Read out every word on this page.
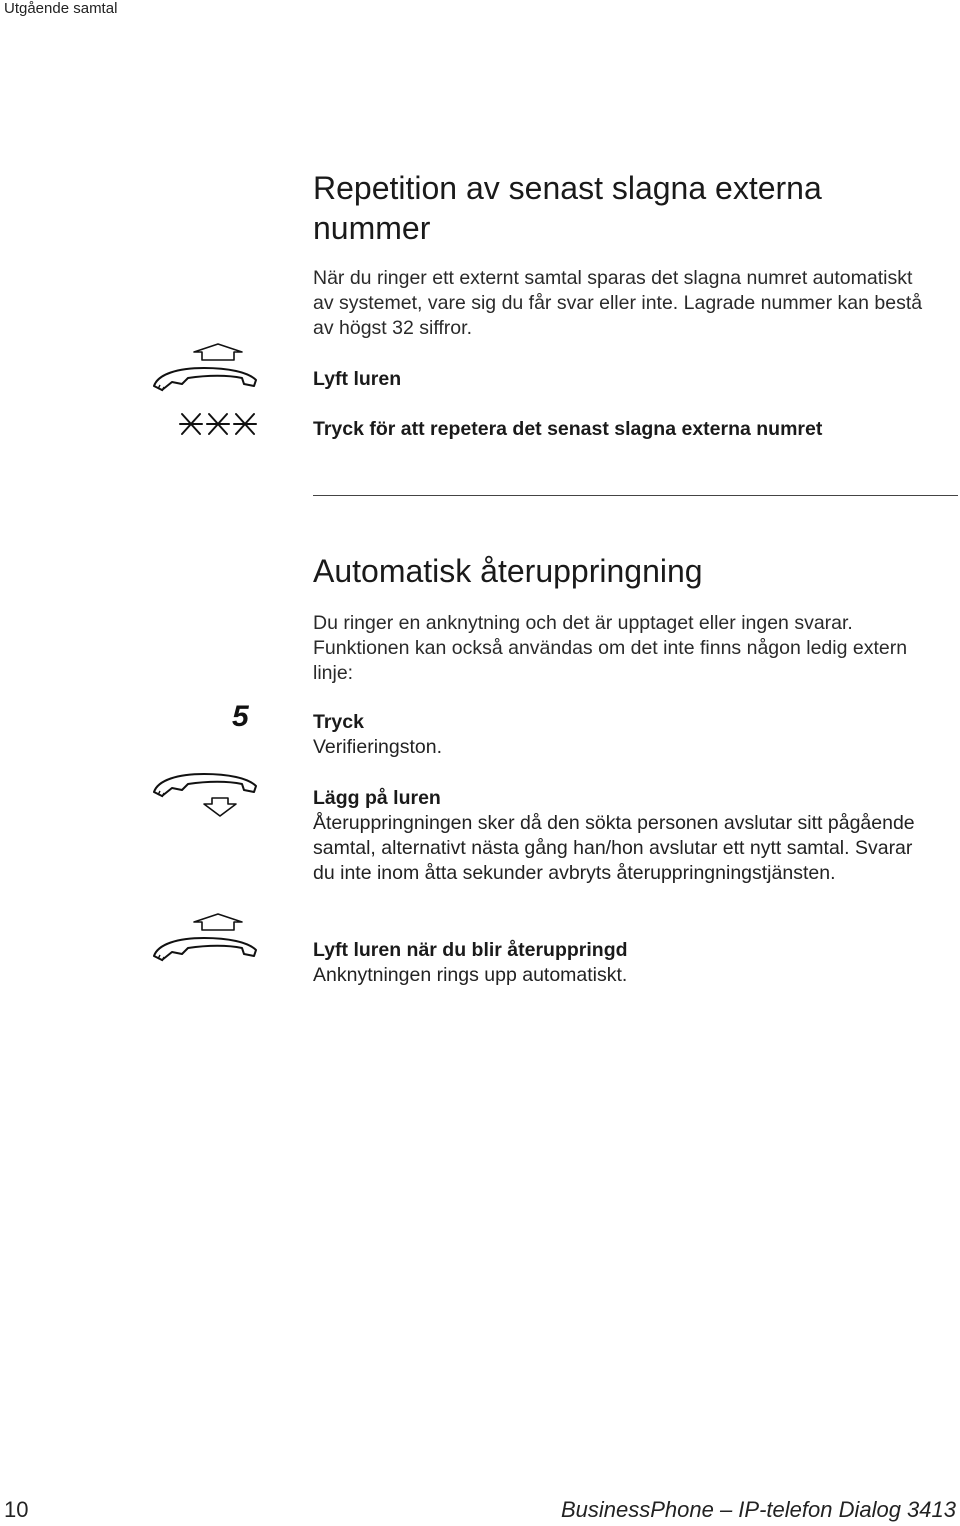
Utgående samtal
Repetition av senast slagna externa nummer

När du ringer ett externt samtal sparas det slagna numret automatiskt av systemet, vare sig du får svar eller inte. Lagrade nummer kan bestå av högst 32 siffror.

Lyft luren
Tryck för att repetera det senast slagna externa numret
Automatisk återuppringning

Du ringer en anknytning och det är upptaget eller ingen svarar. Funktionen kan också användas om det inte finns någon ledig extern linje:

5	Tryck
Verifieringston.
Lägg på luren
Återuppringningen sker då den sökta personen avslutar sitt pågående samtal, alternativt nästa gång han/hon avslutar ett nytt samtal. Svarar du inte inom åtta sekunder avbryts återuppringningstjänsten.
Lyft luren när du blir återuppringd
Anknytningen rings upp automatiskt.
10	BusinessPhone – IP-telefon Dialog 3413
